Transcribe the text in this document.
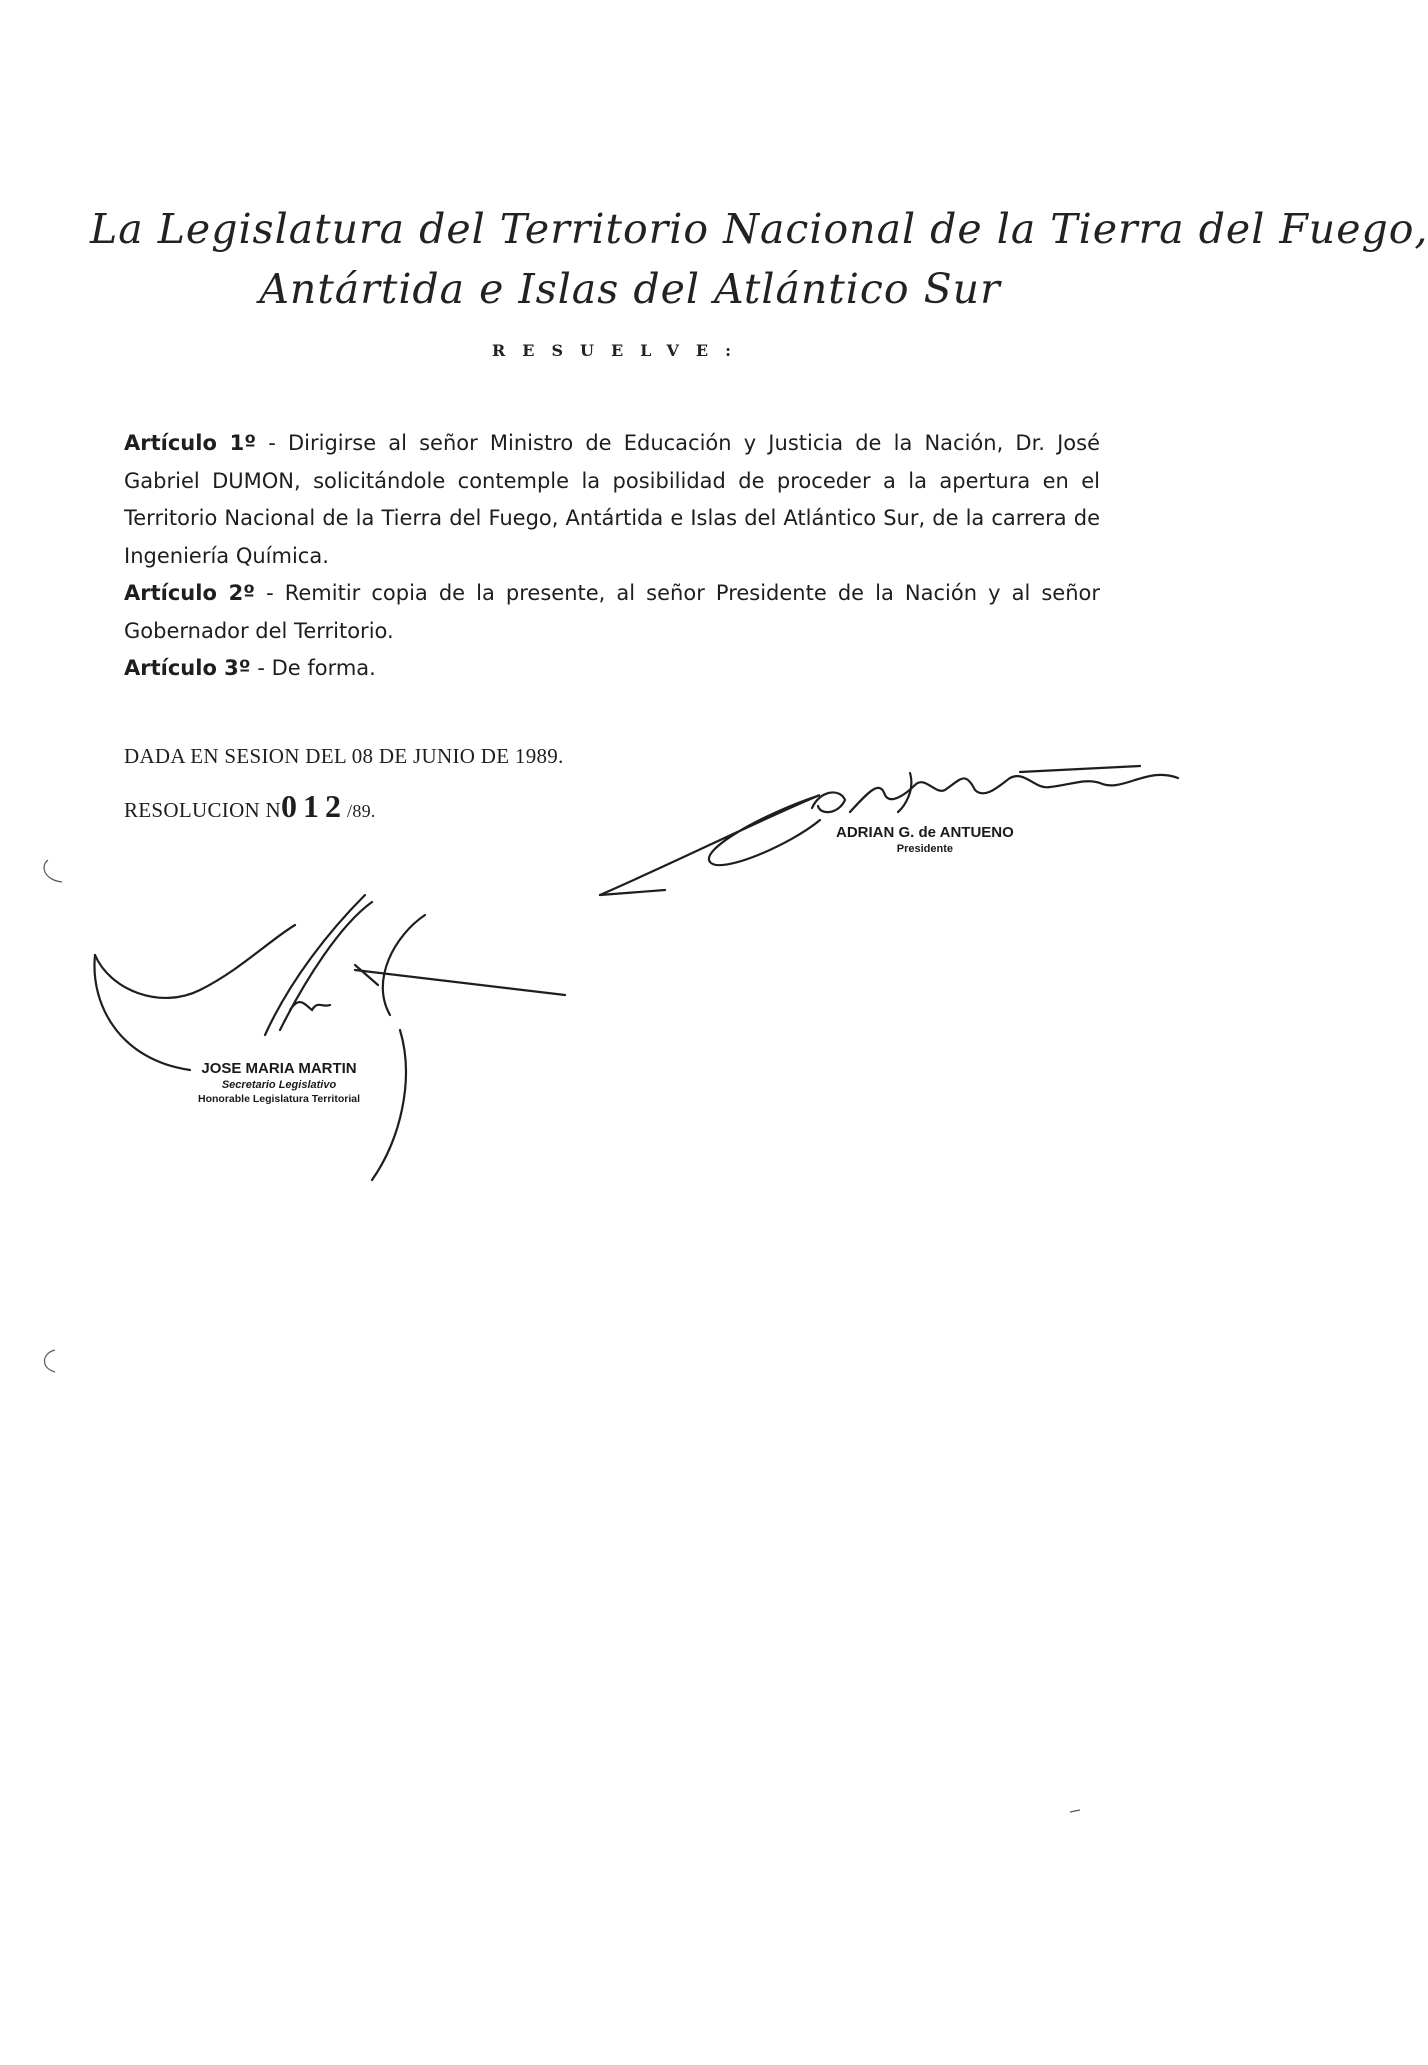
La Legislatura del Territorio Nacional de la Tierra del Fuego,
Antártida e Islas del Atlántico Sur
RESUELVE:

Artículo 1º - Dirigirse al señor Ministro de Educación y Justicia de la Nación, Dr. José Gabriel DUMON, solicitándole contemple la posibilidad de proceder a la apertura en el Territorio Nacional de la Tierra del Fuego, Antártida e Islas del Atlántico Sur, de la carrera de Ingeniería Química.

Artículo 2º - Remitir copia de la presente, al señor Presidente de la Nación y al señor Gobernador del Territorio.

Artículo 3º - De forma.

DADA EN SESION DEL 08 DE JUNIO DE 1989.
RESOLUCION N012/89.
ADRIAN G. de ANTUENO
Presidente
JOSE MARIA MARTIN
Secretario Legislativo
Honorable Legislatura Territorial
